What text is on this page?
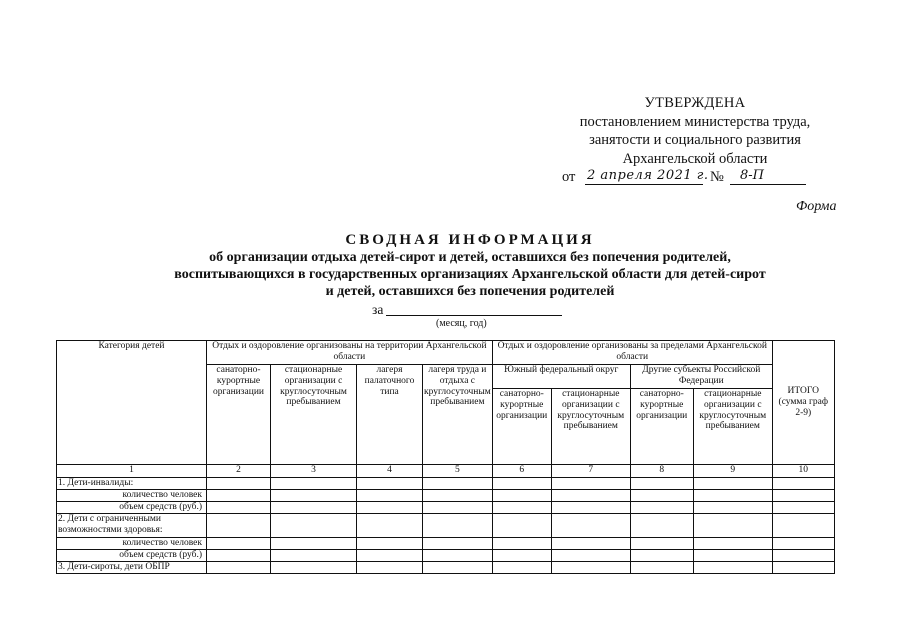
УТВЕРЖДЕНА
постановлением министерства труда,
занятости и социального развития
Архангельской области
от 2 апреля 2021 г. № 8-П
Форма
СВОДНАЯ ИНФОРМАЦИЯ
об организации отдыха детей-сирот и детей, оставшихся без попечения родителей,
воспитывающихся в государственных организациях Архангельской области для детей-сирот
и детей, оставшихся без попечения родителей
за
(месяц, год)
Категория детей	Отдых и оздоровление организованы на территории Архангельской области				Отдых и оздоровление организованы за пределами Архангельской области				ИТОГО (сумма граф 2-9)
	санаторно-курортные организации	стационарные организации с круглосуточным пребыванием	лагеря палаточного типа	лагеря труда и отдыха с круглосуточным пребыванием	Южный федеральный округ		Другие субъекты Российской Федерации		
					санаторно-курортные организации	стационарные организации с круглосуточным пребыванием	санаторно-курортные организации	стационарные организации с круглосуточным пребыванием	
1	2	3	4	5	6	7	8	9	10
1. Дети-инвалиды:									
количество человек									
объем средств (руб.)									
2. Дети с ограниченными возможностями здоровья:									
количество человек									
объем средств (руб.)									
3. Дети-сироты, дети ОБПР									
